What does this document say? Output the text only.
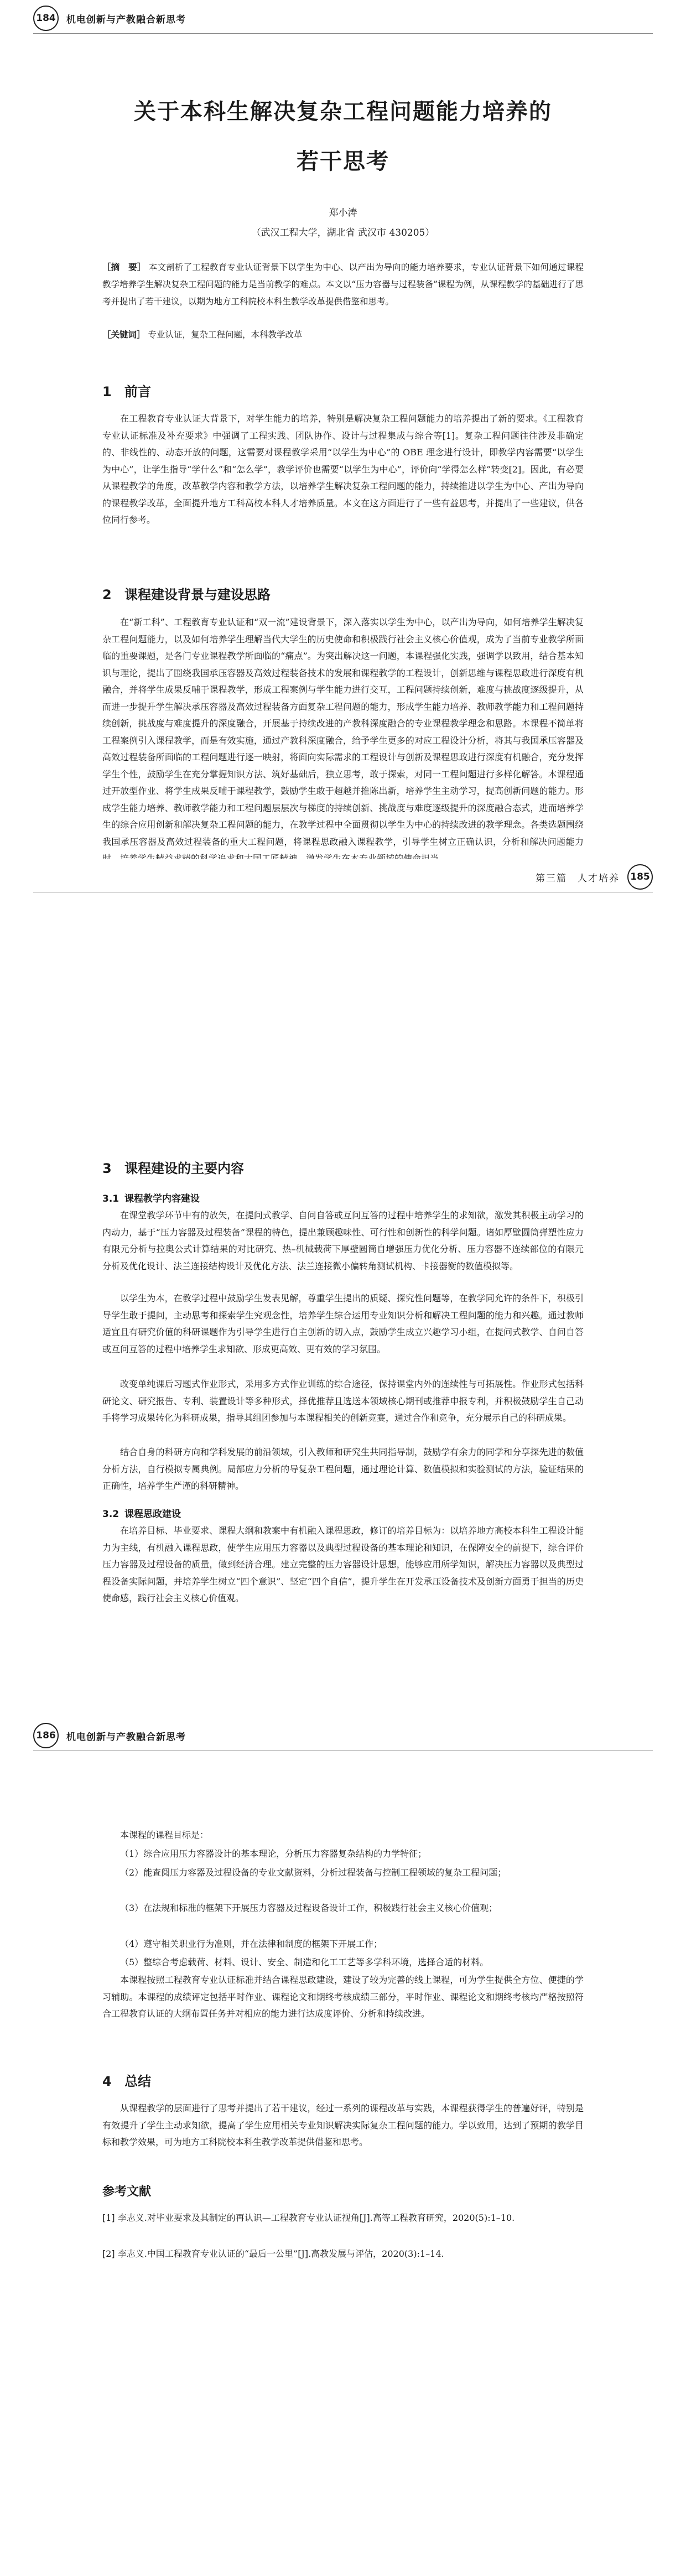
184	机电创新与产教融合新思考
关于本科生解决复杂工程问题能力培养的
若干思考
郑小涛
（武汉工程大学，湖北省 武汉市 430205）
［摘　要］ 本文剖析了工程教育专业认证背景下以学生为中心、以产出为导向的能力培养要求，专业认证背景下如何通过课程教学培养学生解决复杂工程问题的能力是当前教学的难点。本文以“压力容器与过程装备”课程为例，从课程教学的基础进行了思考并提出了若干建议，以期为地方工科院校本科生教学改革提供借鉴和思考。
［关键词］ 专业认证，复杂工程问题，本科教学改革
1 前言
在工程教育专业认证大背景下，对学生能力的培养，特别是解决复杂工程问题能力的培养提出了新的要求。《工程教育专业认证标准及补充要求》中强调了工程实践、团队协作、设计与过程集成与综合等[1]。复杂工程问题往往涉及非确定的、非线性的、动态开放的问题，这需要对课程教学采用“以学生为中心”的 OBE 理念进行设计，即教学内容需要“以学生为中心”，让学生指导“学什么”和“怎么学”，教学评价也需要“以学生为中心”，评价向“学得怎么样”转变[2]。因此，有必要从课程教学的角度，改革教学内容和教学方法，以培养学生解决复杂工程问题的能力，持续推进以学生为中心、产出为导向的课程教学改革，全面提升地方工科高校本科人才培养质量。本文在这方面进行了一些有益思考，并提出了一些建议，供各位同行参考。
2 课程建设背景与建设思路
在“新工科”、工程教育专业认证和“双一流”建设背景下，深入落实以学生为中心，以产出为导向，如何培养学生解决复杂工程问题能力，以及如何培养学生理解当代大学生的历史使命和积极践行社会主义核心价值观，成为了当前专业教学所面临的重要课题，是各门专业课程教学所面临的“痛点”。为突出解决这一问题，本课程强化实践，强调学以致用，结合基本知识与理论，提出了围绕我国承压容器及高效过程装备技术的发展和课程教学的工程设计，创新思维与课程思政进行深度有机融合，并将学生成果反哺于课程教学，形成工程案例与学生能力进行交互，工程问题持续创新，难度与挑战度逐级提升，从而进一步提升学生解决承压容器及高效过程装备方面复杂工程问题的能力，形成学生能力培养、教师教学能力和工程问题持续创新，挑战度与难度提升的深度融合，开展基于持续改进的产教科深度融合的专业课程教学理念和思路。本课程不简单将工程案例引入课程教学，而是有效实施，通过产教科深度融合，给予学生更多的对应工程设计分析，将其与我国承压容器及高效过程装备所面临的工程问题进行逐一映射，将面向实际需求的工程设计与创新及课程思政进行深度有机融合，充分发挥学生个性，鼓励学生在充分掌握知识方法、筑好基础后，独立思考，敢于探索，对同一工程问题进行多样化解答。本课程通过开放型作业、将学生成果反哺于课程教学，鼓励学生敢于超越并推陈出新，培养学生主动学习，提高创新问题的能力。形成学生能力培养、教师教学能力和工程问题层层次与梯度的持续创新、挑战度与难度逐级提升的深度融合态式，进而培养学生的综合应用创新和解决复杂工程问题的能力，在教学过程中全面贯彻以学生为中心的持续改进的教学理念。各类选题围绕我国承压容器及高效过程装备的重大工程问题，将课程思政融入课程教学，引导学生树立正确认识，分析和解决问题能力
第三篇　人才培养	185
3 课程建设的主要内容
3.1 课程教学内容建设
在课堂教学环节中有的放矢，在提问式教学、自问自答或互问互答的过程中培养学生的求知欲，激发其积极主动学习的内动力，基于“压力容器及过程装备”课程的特色，提出兼顾趣味性、可行性和创新性的科学问题。诸如厚壁圆筒弹塑性应力有限元分析与拉奥公式计算结果的对比研究、热–机械载荷下厚壁圆筒自增强压力优化分析、压力容器不连续部位的有限元分析及优化设计、法兰连接结构设计及优化方法、法兰连接微小偏转角测试机构、卡接器衡的数值模拟等。
以学生为本，在教学过程中鼓励学生发表见解，尊重学生提出的质疑、探究性问题等，在教学同允许的条件下，积极引导学生敢于提问，主动思考和探索学生究观念性，培养学生综合运用专业知识分析和解决工程问题的能力和兴趣。通过教师适宜且有研究价值的科研课题作为引导学生进行自主创新的切入点，鼓励学生成立兴趣学习小组，在提问式教学、自问自答或互问互答的过程中培养学生求知欲、形成更高效、更有效的学习氛围。
改变单纯课后习题式作业形式，采用多方式作业训练的综合途径，保持课堂内外的连续性与可拓展性。作业形式包括科研论文、研究报告、专利、装置设计等多种形式，择优推荐且选送本领域核心期刊或推荐申报专利，并积极鼓励学生自己动手将学习成果转化为科研成果，指导其组团参加与本课程相关的创新竞赛，通过合作和竞争，充分展示自己的科研成果。
结合自身的科研方向和学科发展的前沿领域，引入教师和研究生共同指导制，鼓励学有余力的同学和分享探先进的数值分析方法，自行模拟专属典例。局部应力分析的导复杂工程问题，通过理论计算、数值模拟和实验测试的方法，验证结果的正确性，培养学生严谨的科研精神。
3.2 课程思政建设
在培养目标、毕业要求、课程大纲和教案中有机融入课程思政，修订的培养目标为：以培养地方高校本科生工程设计能力为主线，有机融入课程思政，使学生应用压力容器以及典型过程设备的基本理论和知识，在保障安全的前提下，综合评价压力容器及过程设备的质量，做到经济合理。建立完整的压力容器设计思想，能够应用所学知识，解决压力容器以及典型过程设备实际问题，并培养学生树立“四个意识”、坚定“四个自信”，提升学生在开发承压设备技术及创新方面勇于担当的历史使命感，践行社会主义核心价值观。
186	机电创新与产教融合新思考
本课程的课程目标是：
（1）综合应用压力容器设计的基本理论，分析压力容器复杂结构的力学特征；
（2）能查阅压力容器及过程设备的专业文献资料，分析过程装备与控制工程领域的复杂工程问题；
（3）在法规和标准的框架下开展压力容器及过程设备设计工作，积极践行社会主义核心价值观；
（4）遵守相关职业行为准则，并在法律和制度的框架下开展工作；
（5）整综合考虑载荷、材料、设计、安全、制造和化工工艺等多学科环境，选择合适的材料。
本课程按照工程教育专业认证标准并结合课程思政建设，建设了较为完善的线上课程，可为学生提供全方位、便捷的学习辅助。本课程的成绩评定包括平时作业、课程论文和期终考核成绩三部分，平时作业、课程论文和期终考核均严格按照符合工程教育认证的大纲布置任务并对相应的能力进行达成度评价、分析和持续改进。
4 总结
从课程教学的层面进行了思考并提出了若干建议，经过一系列的课程改革与实践，本课程获得学生的普遍好评，特别是有效提升了学生主动求知欲，提高了学生应用相关专业知识解决实际复杂工程问题的能力。学以致用，达到了预期的教学目标和教学效果，可为地方工科院校本科生教学改革提供借鉴和思考。
参考文献
[1] 李志义.对毕业要求及其制定的再认识—工程教育专业认证视角[J].高等工程教育研究，2020(5):1–10.
[2] 李志义.中国工程教育专业认证的“最后一公里”[J].高教发展与评估，2020(3):1–14.
